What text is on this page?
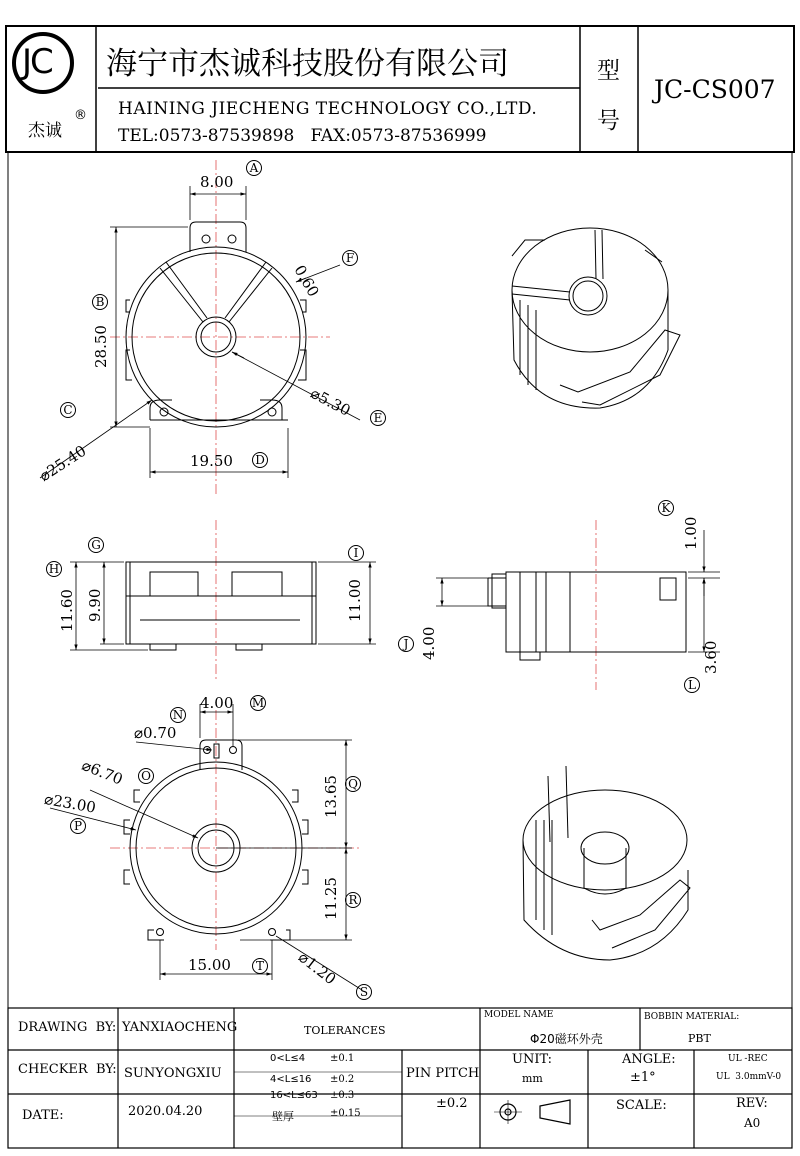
JC
杰诚
®
海宁市杰诚科技股份有限公司
HAINING JIECHENG TECHNOLOGY CO.,LTD.
TEL:0573-87539898   FAX:0573-87536999
型
号
JC-CS007
8.00
A
0.60
F
B
28.50
C
⌀25.40
⌀5.30	E
19.50 D
G
H
I
11.60 9.90	11.00
K
1.00
J 4.00	3.60
L
4.00 M
N
⌀0.70
⌀6.70 O
⌀23.00
P
13.65 Q
11.25 R
⌀1.20
S
15.00	T
DRAWING  BY: YANXIAOCHENG
CHECKER  BY: SUNYONGXIU
DATE:	2020.04.20
TOLERANCES
0<L≤4 ±0.1
4<L≤16 ±0.2
16<L≤63 ±0.3
壁厚	±0.15
PIN PITCH
±0.2
MODEL NAME
Φ20磁环外壳
BOBBIN MATERIAL:
PBT
UNIT:
mm
ANGLE:
±1°
UL -REC
UL  3.0mmV-0
SCALE:	REV:
A0
